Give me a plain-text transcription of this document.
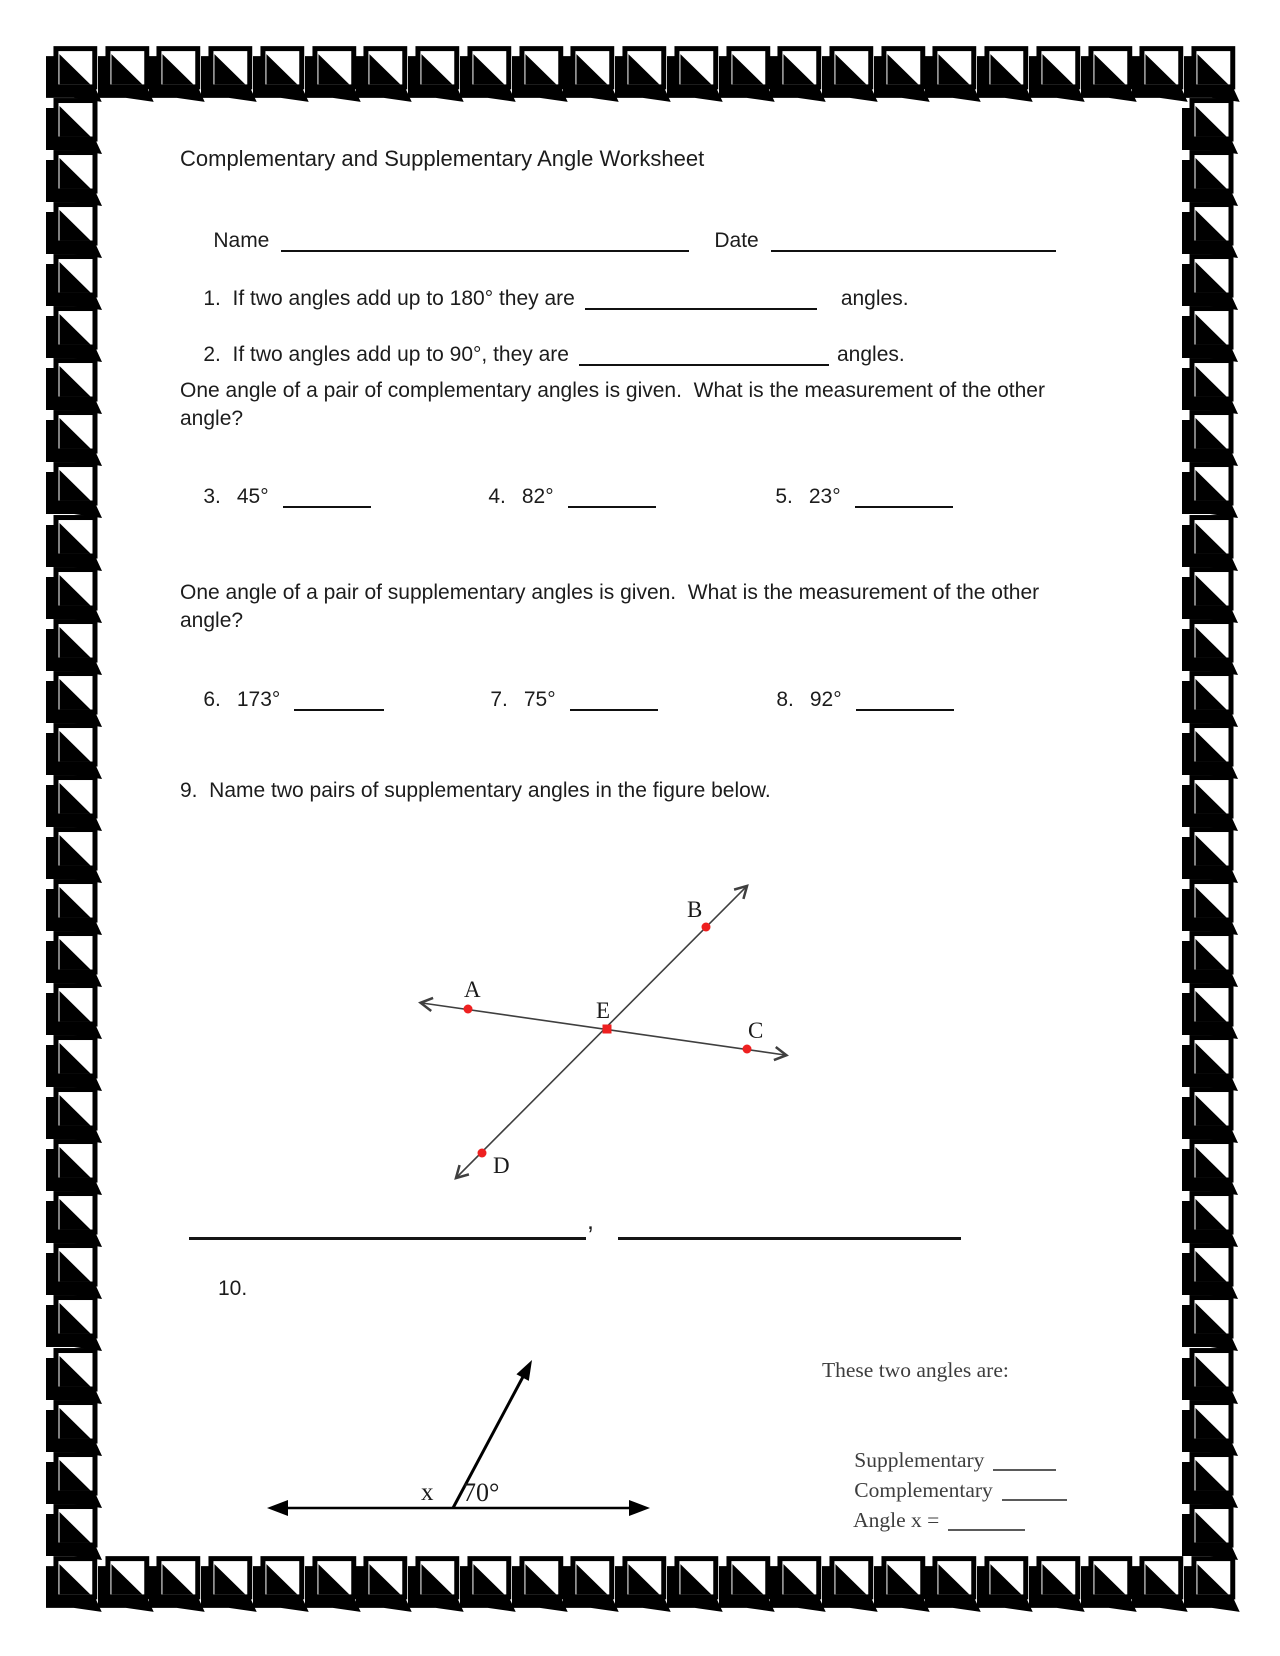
Complementary and Supplementary Angle Worksheet

Name	Date

1.  If two angles add up to 180° they are	angles.

2.  If two angles add up to 90°, they are	angles.

One angle of a pair of complementary angles is given.  What is the measurement of the other angle?

3. 45°
	4. 82°
	5. 23°

One angle of a pair of supplementary angles is given.  What is the measurement of the other angle?

6. 173°
	7. 75°
	8. 92°

9.  Name two pairs of supplementary angles in the figure below.
B
A
E
C
D
,
10.
x 70°

These two angles are:

Supplementary

Complementary

Angle x =
